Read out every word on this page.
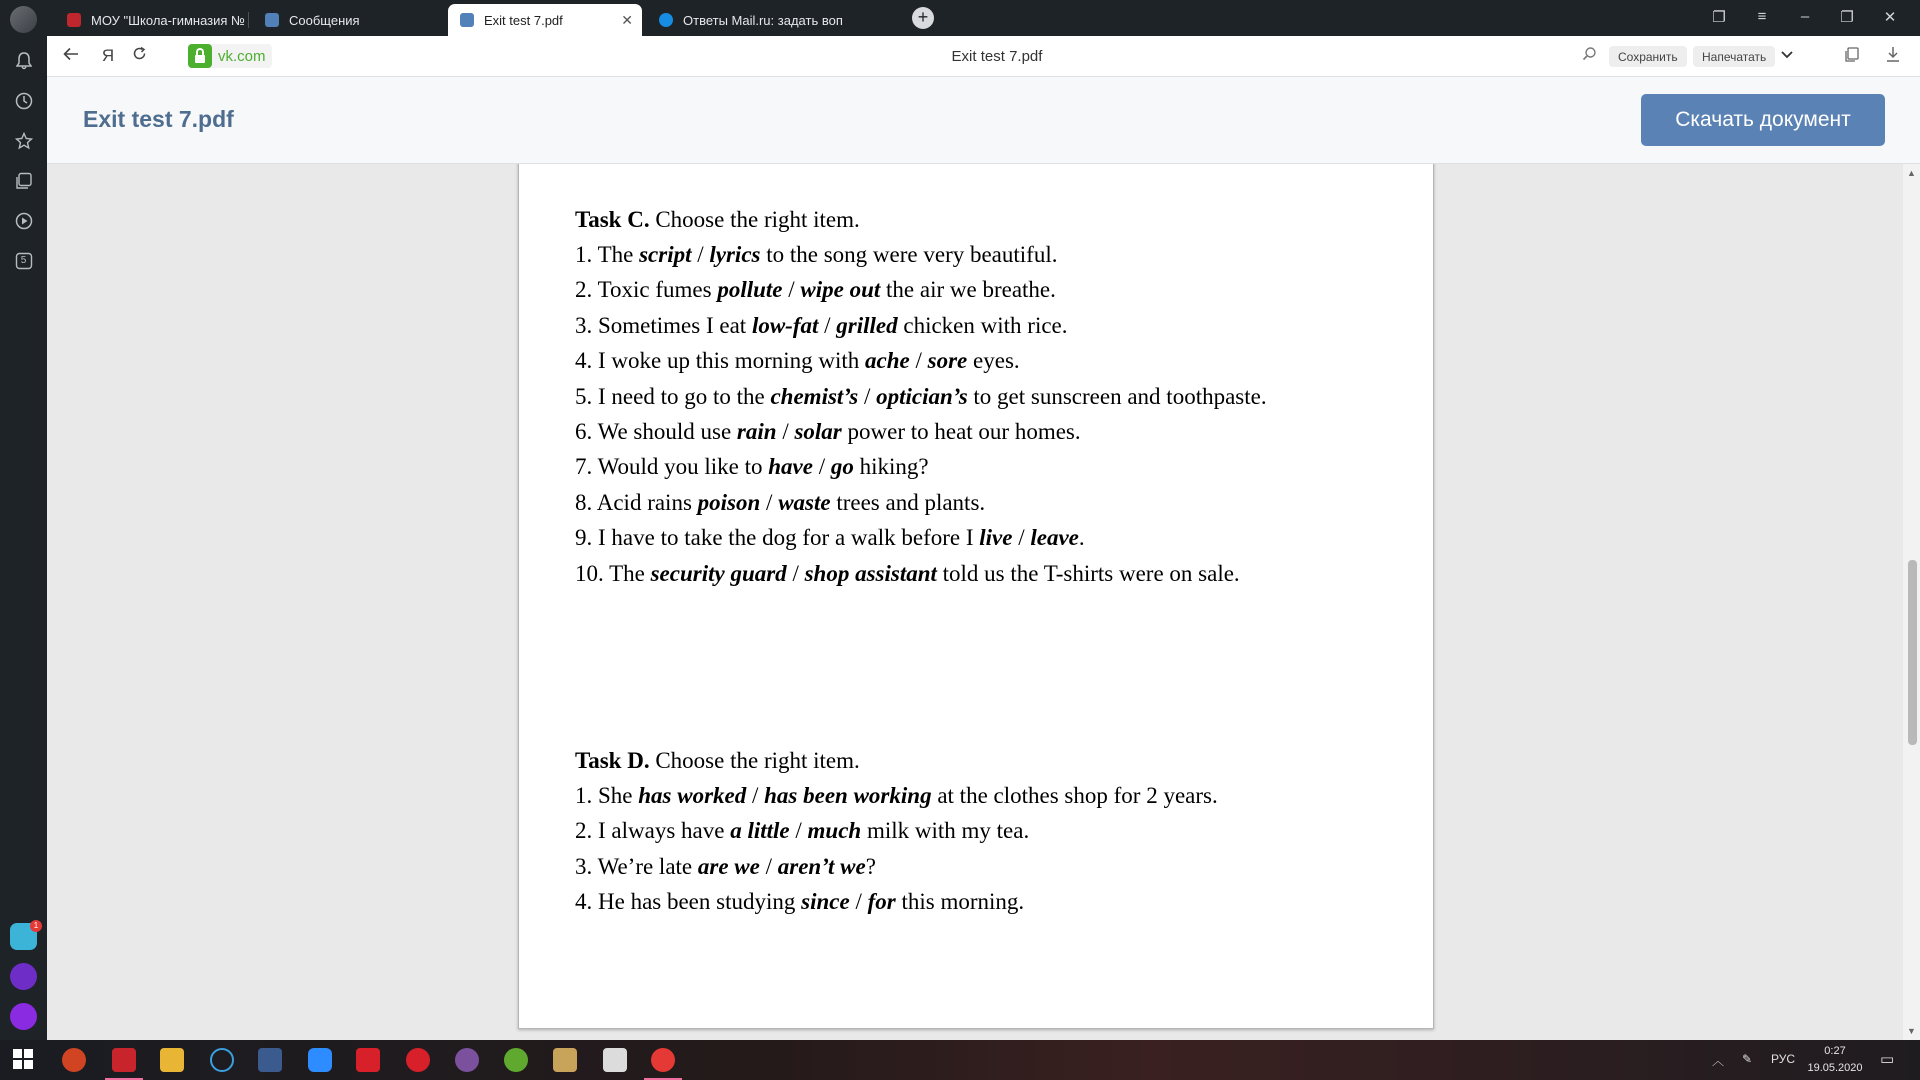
5
1
МОУ "Школа-гимназия №	Сообщения	Exit test 7.pdf	✕	Ответы Mail.ru: задать воп	+	❐	≡	–	❐ ✕
Я	vk.com	Exit test 7.pdf	Сохранить	Напечатать
Exit test 7.pdf	Скачать документ
Task C. Choose the right item.
1. The script / lyrics to the song were very beautiful.
2. Toxic fumes pollute / wipe out the air we breathe.
3. Sometimes I eat low-fat / grilled chicken with rice.
4. I woke up this morning with ache / sore eyes.
5. I need to go to the chemist’s / optician’s to get sunscreen and toothpaste.
6. We should use rain / solar power to heat our homes.
7. Would you like to have / go hiking?
8. Acid rains poison / waste trees and plants.
9. I have to take the dog for a walk before I live / leave.
10. The security guard / shop assistant told us the T-shirts were on sale.
Task D. Choose the right item.
1. She has worked / has been working at the clothes shop for 2 years.
2. I always have a little / much milk with my tea.
3. We’re late are we / aren’t we?
4. He has been studying since / for this morning.
▲
▼
︿ ✎ РУС
0:27
19.05.2020 ▭
